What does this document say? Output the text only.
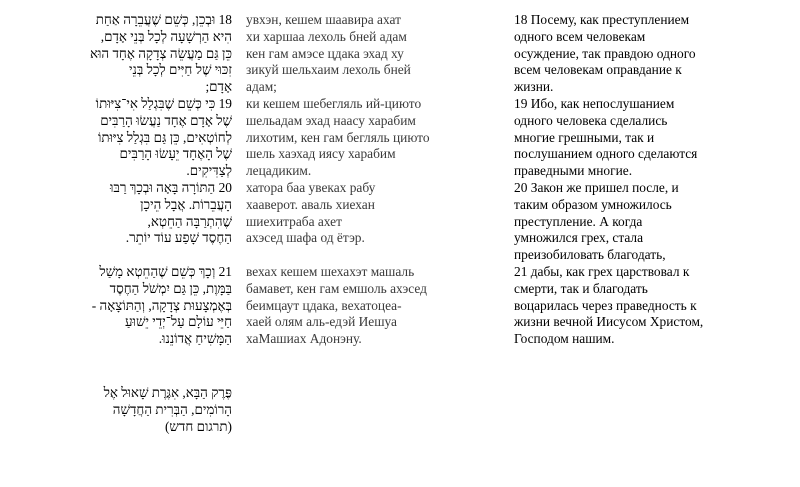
18 וּבְכֵן, כְּשֵׁם שֶׁעֲבֵרָה אַחַת
הִיא הַרְשָׁעָה לְכָל בְּנֵי אָדָם,
כֵּן גַּם מַעֲשֵׂה צְדָקָה אֶחָד הוּא
זִכּוּי שֶׁל חַיִּים לְכָל בְּנֵי
אָדָם;
19 כִּי כְּשֵׁם שֶׁבִּגְלַל אִי־צִיּוּתוֹ
שֶׁל אָדָם אֶחָד נַעֲשׂוּ הָרַבִּים
לְחוֹטְאִים, כֵּן גַּם בִּגְלַל צִיּוּתוֹ
שֶׁל הָאֶחָד יֵעָשׂוּ הָרַבִּים
לְצַדִּיקִים.
20 הַתּוֹרָה בָּאָה וּבְכָךְ רַבּוּ
הָעֲבֵרוֹת. אֲבָל הֵיכָן
שֶׁהִתְרַבָּה הַחֵטְא,
הַחֶסֶד שָׁפַע עוֹד יוֹתֵר.
21 וְכָךְ כְּשֵׁם שֶׁהַחֵטְא מָשַׁל
בַּמָּוֶת, כֵּן גַּם יִמְשֹׁל הַחֶסֶד
בְּאֶמְצָעוּת צְדָקָה, וְהַתּוֹצָאָה -
חַיֵּי עוֹלָם עַל־יְדֵי יֵשׁוּעַ
הַמָּשִׁיחַ אֲדוֹנֵנוּ.
увхэн, кешем шаавира ахат
хи харшаа лехоль бней адам
кен гам амэсе цдака эхад ху
зикуй шельхаим лехоль бней
адам;
ки кешем шебегляль ий-циюто
шельадам эхад наасу харабим
лихотим, кен гам бегляль циюто
шель хаэхад ияcу харабим
лецадиким.
хатора баа увеках рабу
хааверот. аваль хиехан
шиехитраба ахет
ахэсед шафа од ётэр.
вехах кешем шехахэт машаль
бамавет, кен гам емшоль ахэсед
беимцаут цдака, вехатоцеа-
хаей олям аль-едэй Иешуа
хаМашиах Адонэну.
18 Посему, как преступлением
одного всем человекам
осуждение, так правдою одного
всем человекам оправдание к
жизни.
19 Ибо, как непослушанием
одного человека сделались
многие грешными, так и
послушанием одного сделаются
праведными многие.
20 Закон же пришел после, и
таким образом умножилось
преступление. А когда
умножился грех, стала
преизобиловать благодать,
21 дабы, как грех царствовал к
смерти, так и благодать
воцарилась через праведность к
жизни вечной Иисусом Христом,
Господом нашим.
פֶּרֶק הַבָּא, אִגֶּרֶת שָׁאוּל אֶל
הָרוֹמִים, הַבְּרִית הַחֲדָשָׁה
(תרגום חדש)
